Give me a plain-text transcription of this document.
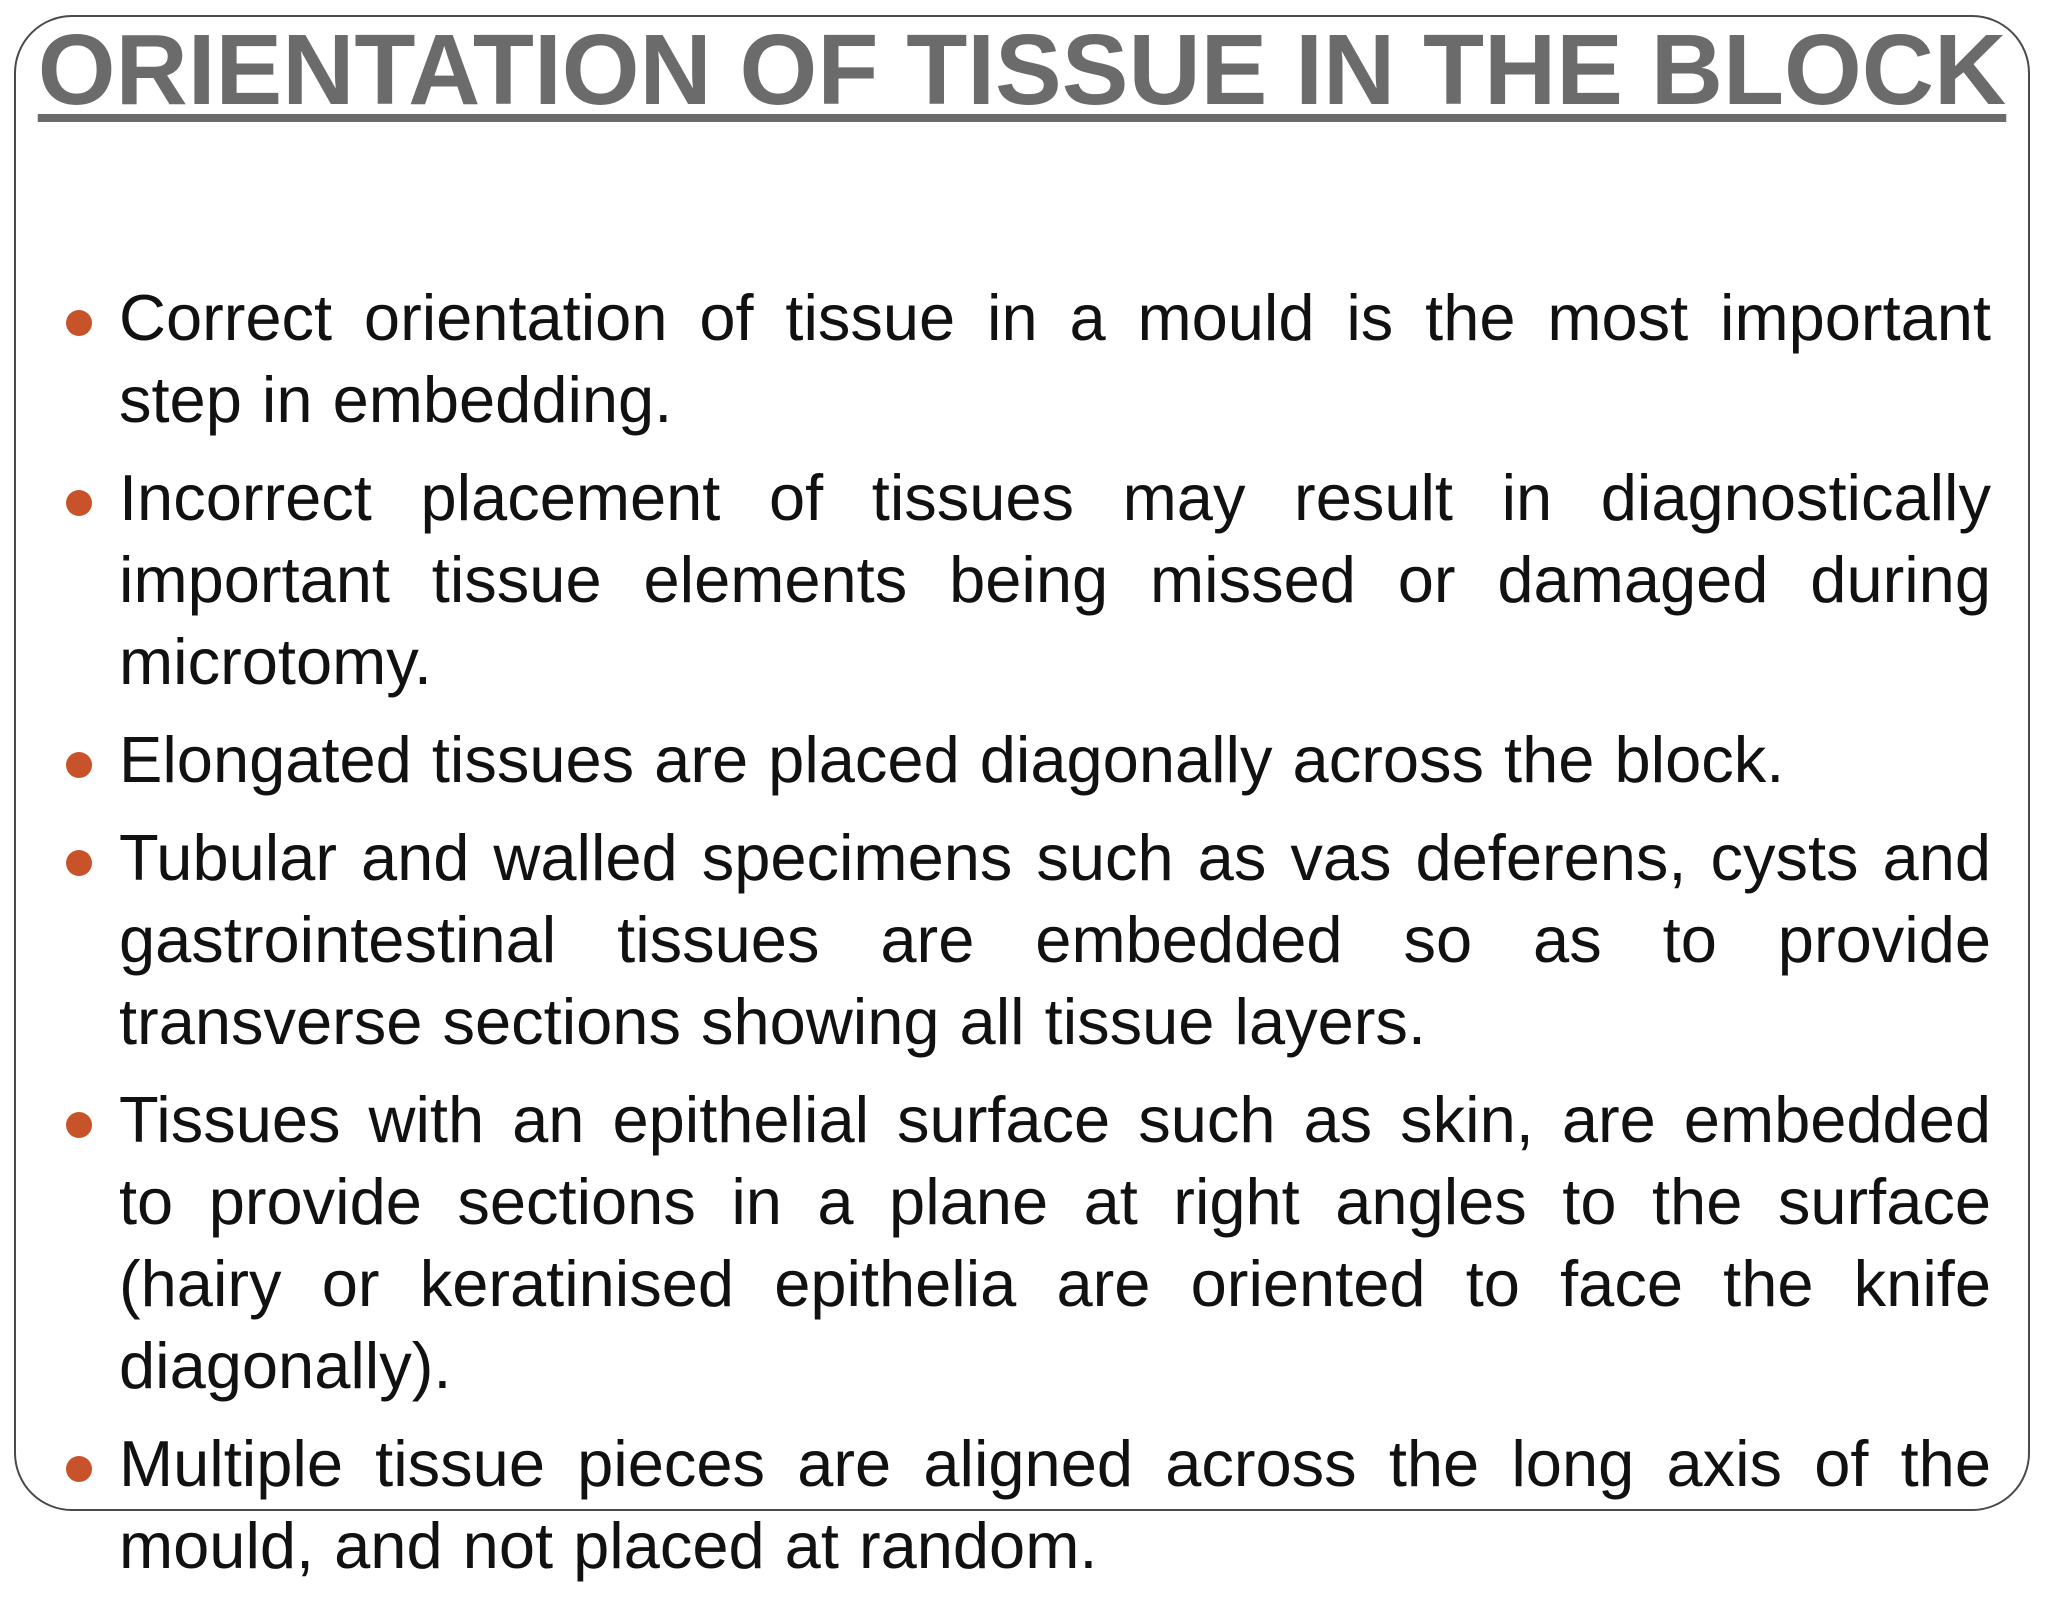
ORIENTATION OF TISSUE IN THE BLOCK
Correct orientation of tissue in a mould is the most important step in embedding.
Incorrect placement of tissues may result in diagnostically important tissue elements being missed or damaged during microtomy.
Elongated tissues are placed diagonally across the block.
Tubular and walled specimens such as vas deferens, cysts and gastrointestinal tissues are embedded so as to provide transverse sections showing all tissue layers.
Tissues with an epithelial surface such as skin, are embedded to provide sections in a plane at right angles to the surface (hairy or keratinised epithelia are oriented to face the knife diagonally).
Multiple tissue pieces are aligned across the long axis of the mould, and not placed at random.
